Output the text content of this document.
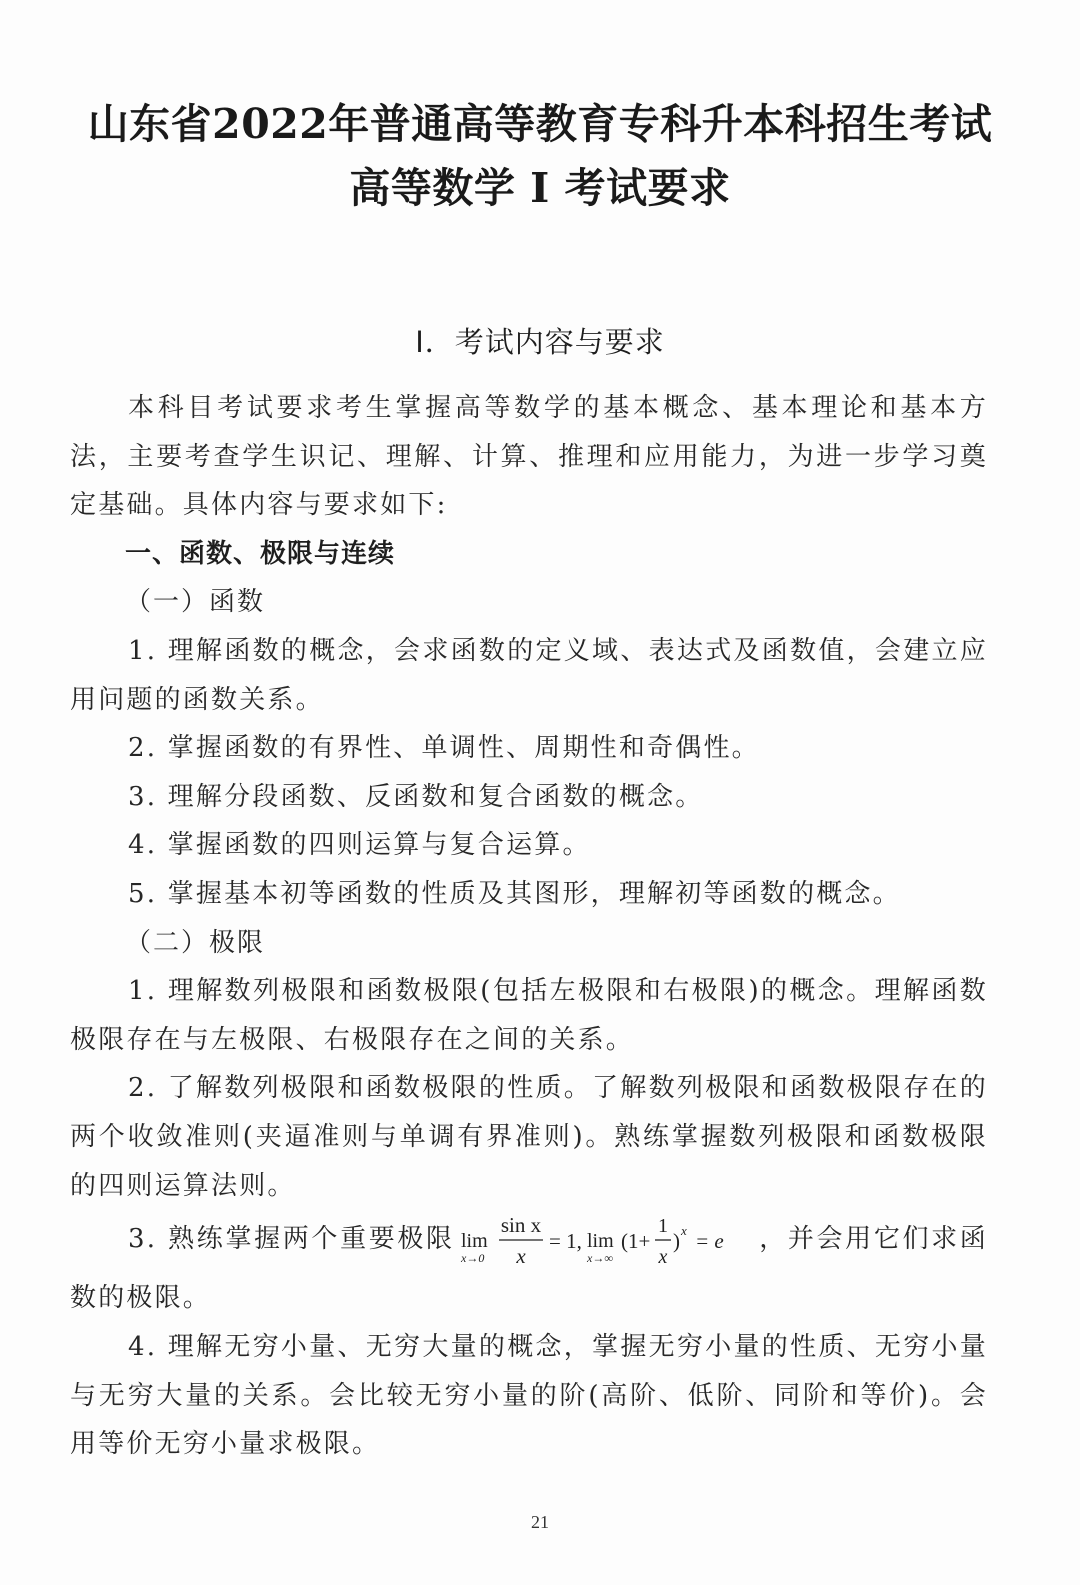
山东省2022年普通高等教育专科升本科招生考试
高等数学 I 考试要求
I．考试内容与要求

本科目考试要求考生掌握高等数学的基本概念、基本理论和基本方法，主要考查学生识记、理解、计算、推理和应用能力，为进一步学习奠定基础。具体内容与要求如下:

一、函数、极限与连续

（一）函数

1. 理解函数的概念，会求函数的定义域、表达式及函数值，会建立应用问题的函数关系。

2. 掌握函数的有界性、单调性、周期性和奇偶性。

3. 理解分段函数、反函数和复合函数的概念。

4. 掌握函数的四则运算与复合运算。

5. 掌握基本初等函数的性质及其图形，理解初等函数的概念。

（二）极限

1. 理解数列极限和函数极限(包括左极限和右极限)的概念。理解函数极限存在与左极限、右极限存在之间的关系。

2. 了解数列极限和函数极限的性质。了解数列极限和函数极限存在的两个收敛准则(夹逼准则与单调有界准则)。熟练掌握数列极限和函数极限的四则运算法则。

3. 熟练掌握两个重要极限 lim
x→0
sin x
x
= 1, lim
x→∞
(1+
1
x
) x = e ，并会用它们求函数的极限。

4. 理解无穷小量、无穷大量的概念，掌握无穷小量的性质、无穷小量与无穷大量的关系。会比较无穷小量的阶(高阶、低阶、同阶和等价)。会用等价无穷小量求极限。

21
